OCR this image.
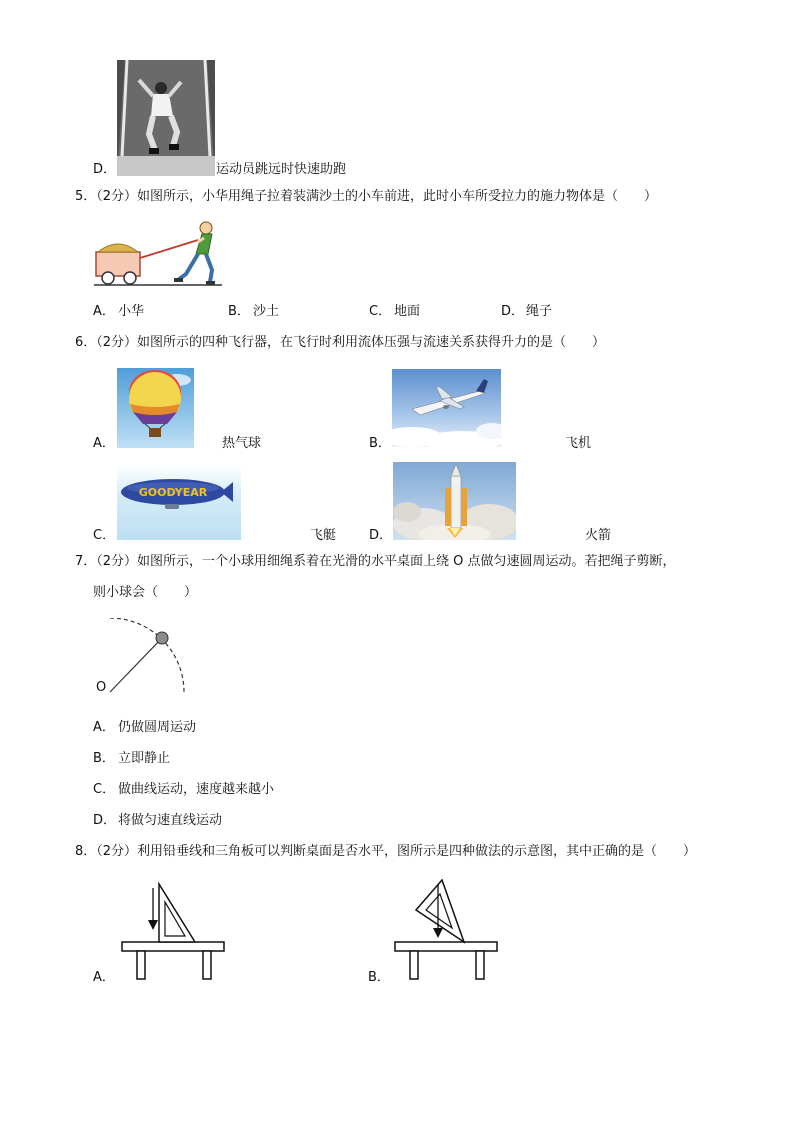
D．	运动员跳远时快速助跑
5．（2分）如图所示，小华用绳子拉着装满沙土的小车前进，此时小车所受拉力的施力物体是（　　）
A． 小华	B． 沙土	C． 地面	D． 绳子
6．（2分）如图所示的四种飞行器，在飞行时利用流体压强与流速关系获得升力的是（　　）
A．	热气球	B．	飞机
GOODYEAR
C．	飞艇	D．	火箭
7．（2分）如图所示，一个小球用细绳系着在光滑的水平桌面上绕 O 点做匀速圆周运动。若把绳子剪断，
则小球会（　　）
O
A． 仍做圆周运动
B． 立即静止
C． 做曲线运动，速度越来越小
D． 将做匀速直线运动
8．（2分）利用铅垂线和三角板可以判断桌面是否水平，图所示是四种做法的示意图，其中正确的是（　　）
A．	B．
